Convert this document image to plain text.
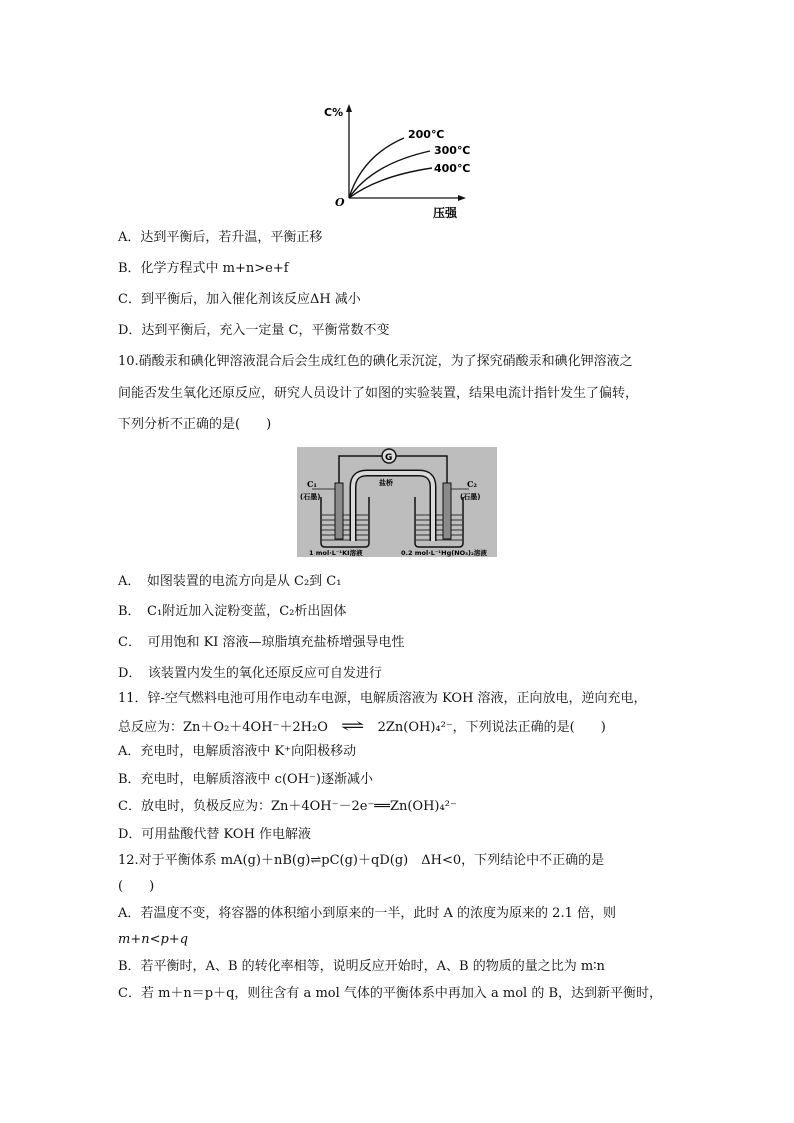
C%
压强
O
200℃
300℃
400℃
A．达到平衡后，若升温，平衡正移
B．化学方程式中 m+n>e+f
C．到平衡后，加入催化剂该反应ΔH 减小
D．达到平衡后，充入一定量 C，平衡常数不变
10.硝酸汞和碘化钾溶液混合后会生成红色的碘化汞沉淀，为了探究硝酸汞和碘化钾溶液之
间能否发生氧化还原反应，研究人员设计了如图的实验装置，结果电流计指针发生了偏转，
下列分析不正确的是(　　)
G
盐桥
C₁
(石墨)
C₂
(石墨)
1 mol·L⁻¹KI溶液	0.2 mol·L⁻¹Hg(NO₃)₂溶液
A．　如图装置的电流方向是从 C₂到 C₁
B．　C₁附近加入淀粉变蓝，C₂析出固体
C．　可用饱和 KI 溶液—琼脂填充盐桥增强导电性
D．　该装置内发生的氧化还原反应可自发进行
11．锌-空气燃料电池可用作电动车电源，电解质溶液为 KOH 溶液，正向放电，逆向充电，
总反应为：Zn＋O₂＋4OH⁻＋2H₂O ⇌ 2Zn(OH)₄²⁻，下列说法正确的是(　　)
A．充电时，电解质溶液中 K⁺向阳极移动
B．充电时，电解质溶液中 c(OH⁻)逐渐减小
C．放电时，负极反应为：Zn＋4OH⁻－2e⁻══Zn(OH)₄²⁻
D．可用盐酸代替 KOH 作电解液
12.对于平衡体系 mA(g)＋nB(g)⇌pC(g)＋qD(g)　ΔH<0，下列结论中不正确的是
(　　)
A．若温度不变，将容器的体积缩小到原来的一半，此时 A 的浓度为原来的 2.1 倍，则
m+n<p+q
B．若平衡时，A、B 的转化率相等，说明反应开始时，A、B 的物质的量之比为 m∶n
C．若 m＋n＝p＋q，则往含有 a mol 气体的平衡体系中再加入 a mol 的 B，达到新平衡时，
